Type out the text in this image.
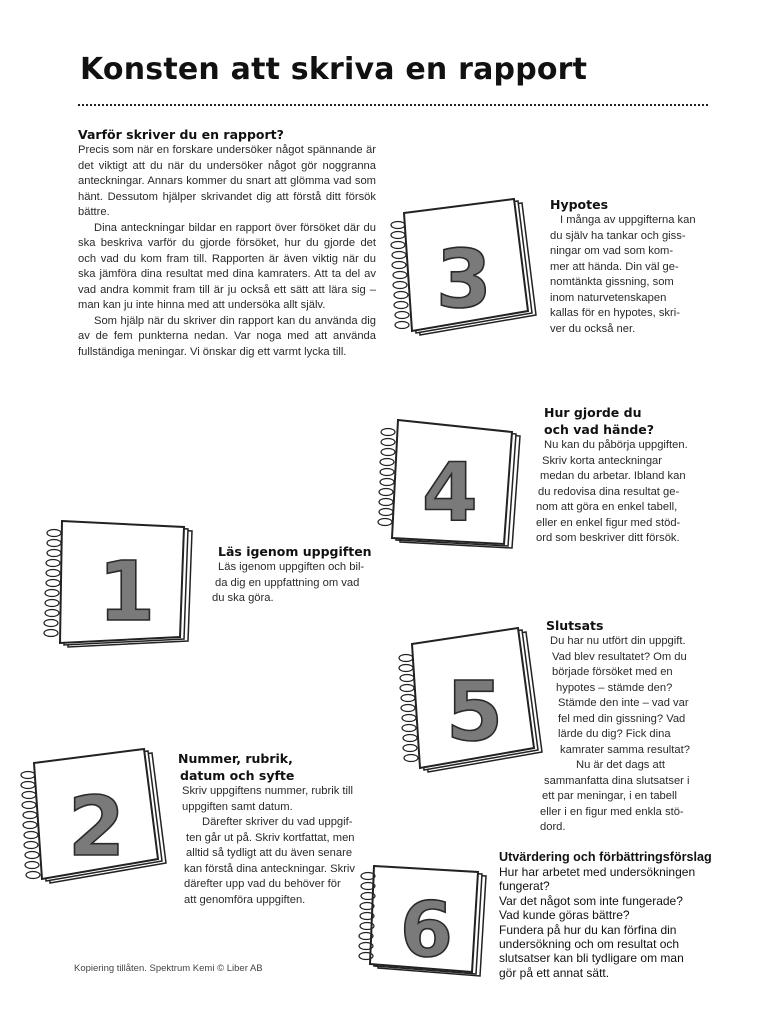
Konsten att skriva en rapport
Varför skriver du en rapport?

Precis som när en forskare undersöker något spännande är det viktigt att du när du undersöker något gör noggranna anteckningar. Annars kommer du snart att glömma vad som hänt. Dessutom hjälper skrivandet dig att förstå ditt försök bättre.

Dina anteckningar bildar en rapport över försöket där du ska beskriva varför du gjorde försöket, hur du gjorde det och vad du kom fram till. Rapporten är även viktig när du ska jämföra dina resultat med dina kamraters. Att ta del av vad andra kommit fram till är ju också ett sätt att lära sig – man kan ju inte hinna med att undersöka allt själv.

Som hjälp när du skriver din rapport kan du använda dig av de fem punkterna nedan. Var noga med att använda fullständiga meningar. Vi önskar dig ett varmt lycka till.

3
4
1
5
2
6
Hypotes
I många av uppgifterna kan
du själv ha tankar och giss-
ningar om vad som kom-
mer att hända. Din väl ge-
nomtänkta gissning, som
inom naturvetenskapen
kallas för en hypotes, skri-
ver du också ner.
Hur gjorde du
och vad hände?
Nu kan du påbörja uppgiften.
Skriv korta anteckningar
medan du arbetar. Ibland kan
du redovisa dina resultat ge-
nom att göra en enkel tabell,
eller en enkel figur med stöd-
ord som beskriver ditt försök.
Läs igenom uppgiften
Läs igenom uppgiften och bil-
da dig en uppfattning om vad
du ska göra.
Slutsats
Du har nu utfört din uppgift.
Vad blev resultatet? Om du
började försöket med en
hypotes – stämde den?
Stämde den inte – vad var
fel med din gissning? Vad
lärde du dig? Fick dina
kamrater samma resultat?
Nu är det dags att
sammanfatta dina slutsatser i
ett par meningar, i en tabell
eller i en figur med enkla stö-
dord.
Nummer, rubrik,
datum och syfte
Skriv uppgiftens nummer, rubrik till
uppgiften samt datum.
Därefter skriver du vad uppgif-
ten går ut på. Skriv kortfattat, men
alltid så tydligt att du även senare
kan förstå dina anteckningar. Skriv
därefter upp vad du behöver för
att genomföra uppgiften.
Utvärdering och förbättringsförslag
Hur har arbetet med undersökningen
fungerat?
Var det något som inte fungerade?
Vad kunde göras bättre?
Fundera på hur du kan förfina din
undersökning och om resultat och
slutsatser kan bli tydligare om man
gör på ett annat sätt.
Kopiering tillåten. Spektrum Kemi © Liber AB
